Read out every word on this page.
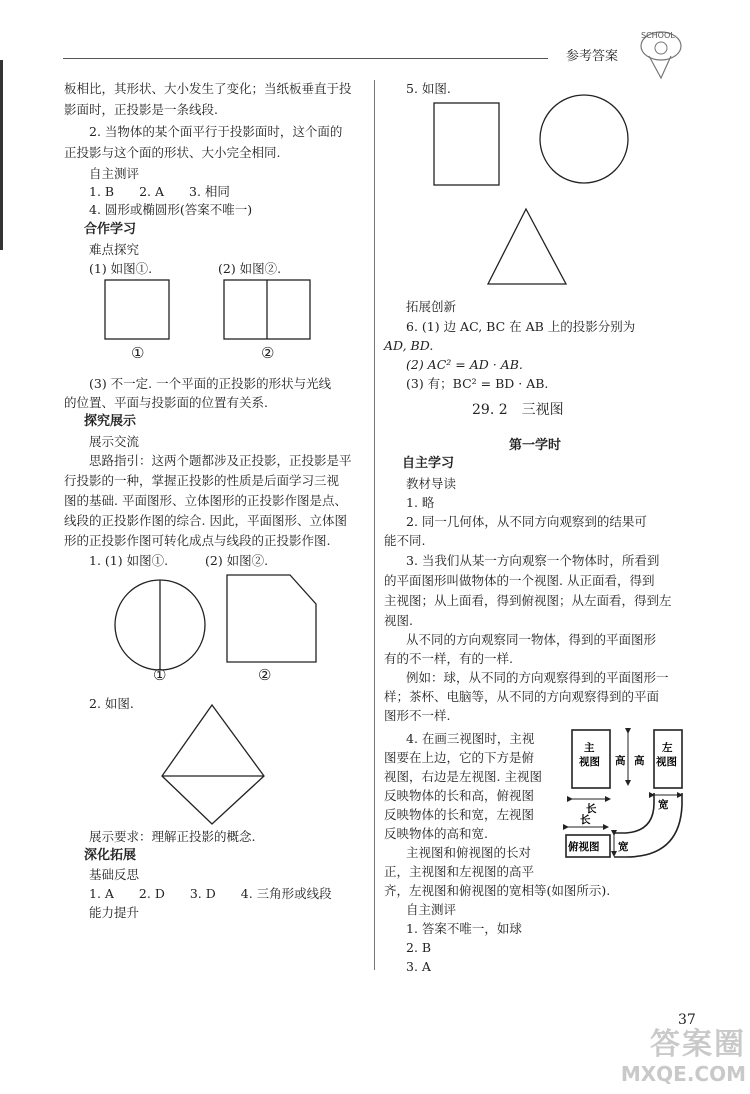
参考答案
SCHOOL
板相比，其形状、大小发生了变化；当纸板垂直于投
影面时，正投影是一条线段.
2. 当物体的某个面平行于投影面时，这个面的
正投影与这个面的形状、大小完全相同.
自主测评
1. B　　2. A　　3. 相同
4. 圆形或椭圆形(答案不唯一)
合作学习
难点探究
(1) 如图①.	(2) 如图②.
①	②
(3) 不一定. 一个平面的正投影的形状与光线
的位置、平面与投影面的位置有关系.
探究展示
展示交流
思路指引：这两个题都涉及正投影，正投影是平
行投影的一种，掌握正投影的性质是后面学习三视
图的基础. 平面图形、立体图形的正投影作图是点、
线段的正投影作图的综合. 因此，平面图形、立体图
形的正投影作图可转化成点与线段的正投影作图.
1. (1) 如图①.	(2) 如图②.
①	②
2. 如图.
展示要求：理解正投影的概念.
深化拓展
基础反思
1. A　　2. D　　3. D　　4. 三角形或线段
能力提升
5. 如图.
拓展创新
6. (1) 边 AC, BC 在 AB 上的投影分别为
AD, BD.
(2) AC² = AD · AB.
(3) 有；BC² = BD · AB.
29. 2　三视图
第一学时
自主学习
教材导读
1. 略
2. 同一几何体，从不同方向观察到的结果可
能不同.
3. 当我们从某一方向观察一个物体时，所看到
的平面图形叫做物体的一个视图. 从正面看，得到
主视图；从上面看，得到俯视图；从左面看，得到左
视图.
从不同的方向观察同一物体，得到的平面图形
有的不一样，有的一样.
例如：球，从不同的方向观察得到的平面图形一
样；茶杯、电脑等，从不同的方向观察得到的平面
图形不一样.
4. 在画三视图时，主视
图要在上边，它的下方是俯
视图，右边是左视图. 主视图
反映物体的长和高，俯视图
反映物体的长和宽，左视图
反映物体的高和宽.
主视图和俯视图的长对
正，主视图和左视图的高平
齐，左视图和俯视图的宽相等(如图所示).
自主测评
1. 答案不唯一，如球
2. B
3. A
主
视图 高 高
左
视图
长	宽
长
俯视图 宽
37
答案圈
MXQE.COM
